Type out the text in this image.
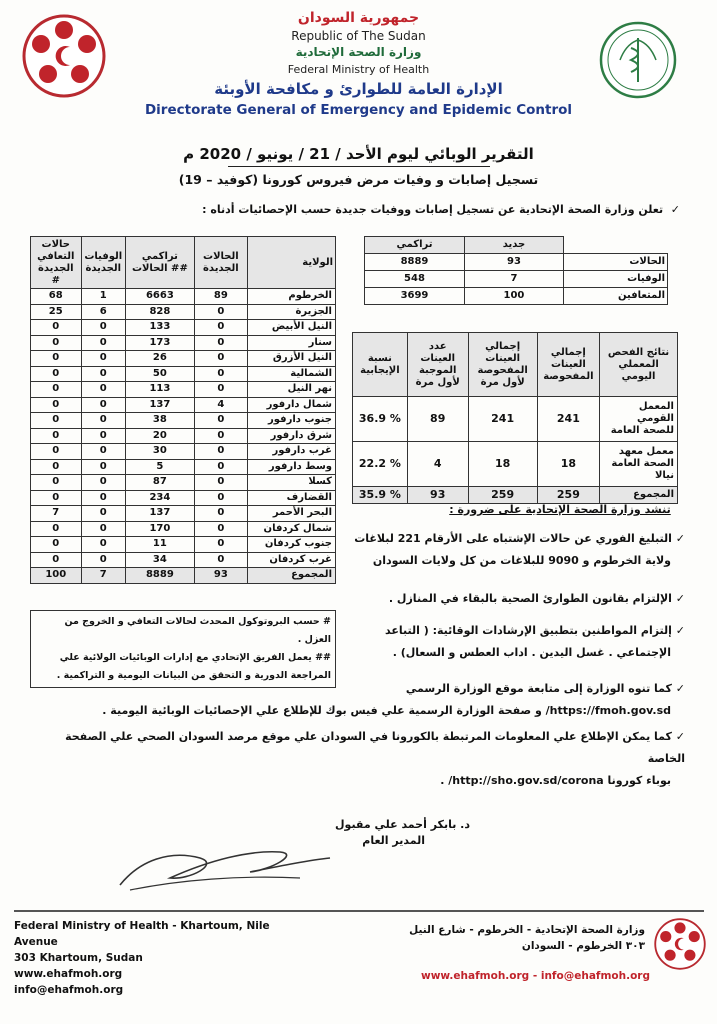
جمهورية السودان
Republic of The Sudan
وزارة الصحة الإتحادية
Federal Ministry of Health
الإدارة العامة للطوارئ و مكافحة الأوبئة
Directorate General of Emergency and Epidemic Control
التقرير الوبائي ليوم الأحد / 21 / يونيو / 2020 م
تسجيل إصابات و وفيات مرض فيروس كورونا (كوفيد – 19)
✓  تعلن وزارة الصحة الإتحادية عن تسجيل إصابات ووفيات جديدة حسب الإحصائيات أدناه :
حالات التعافي الجديدة #	الوفيات الجديدة	تراكمي الحالات ##	الحالات الجديدة	الولاية
68	1	6663	89	الخرطوم
25	6	828	0	الجزيرة
0	0	133	0	النيل الأبيض
0	0	173	0	سنار
0	0	26	0	النيل الأزرق
0	0	50	0	الشمالية
0	0	113	0	نهر النيل
0	0	137	4	شمال دارفور
0	0	38	0	جنوب دارفور
0	0	20	0	شرق دارفور
0	0	30	0	غرب دارفور
0	0	5	0	وسط دارفور
0	0	87	0	كسلا
0	0	234	0	القضارف
7	0	137	0	البحر الأحمر
0	0	170	0	شمال كردفان
0	0	11	0	جنوب كردفان
0	0	34	0	غرب كردفان
100	7	8889	93	المجموع
# حسب البروتوكول المحدث لحالات التعافي و الخروج من العزل .
## يعمل الفريق الإتحادي مع إدارات الوبائيات الولائية علي المراجعة الدورية و التحقق من البيانات اليومية و التراكمية .
تراكمي	جديد	
8889	93	الحالات
548	7	الوفيات
3699	100	المتعافين
نسبة الإيجابية	عدد العينات الموجبة لأول مرة	إجمالي العينات المفحوصة لأول مرة	إجمالي العينات المفحوصة	نتائج الفحص المعملي اليومي
36.9 %	89	241	241	المعمل القومي للصحة العامة
22.2 %	4	18	18	معمل معهد الصحة العامة نيالا
35.9 %	93	259	259	المجموع
تنشد وزارة الصحة الإتحادية على ضرورة :
✓ التبليغ الفوري عن حالات الإشتباه على الأرقام 221 لبلاغات
ولاية الخرطوم و 9090 للبلاغات من كل ولايات السودان
✓ الإلتزام بقانون الطوارئ الصحية بالبقاء في المنازل .
✓ إلتزام المواطنين بتطبيق الإرشادات الوقائية: ( التباعد
الإجتماعي . غسل اليدين . اداب العطس و السعال) .
✓ كما تنوه الوزارة إلى متابعة موقع الوزارة الرسمي
https://fmoh.gov.sd/ و صفحة الوزارة الرسمية علي فيس بوك للإطلاع علي الإحصائيات الوبائية اليومية .
✓ كما يمكن الإطلاع علي المعلومات المرتبطة بالكورونا في السودان علي موقع مرصد السودان الصحي علي الصفحة الخاصة
بوباء كورونا http://sho.gov.sd/corona/ .
د. بابكر أحمد علي مقبول
المدير العام
Federal Ministry of Health - Khartoum, Nile Avenue
303 Khartoum, Sudan
www.ehafmoh.org
info@ehafmoh.org
وزارة الصحة الإتحادية - الخرطوم - شارع النيل
٣٠٣ الخرطوم - السودان
www.ehafmoh.org - info@ehafmoh.org
